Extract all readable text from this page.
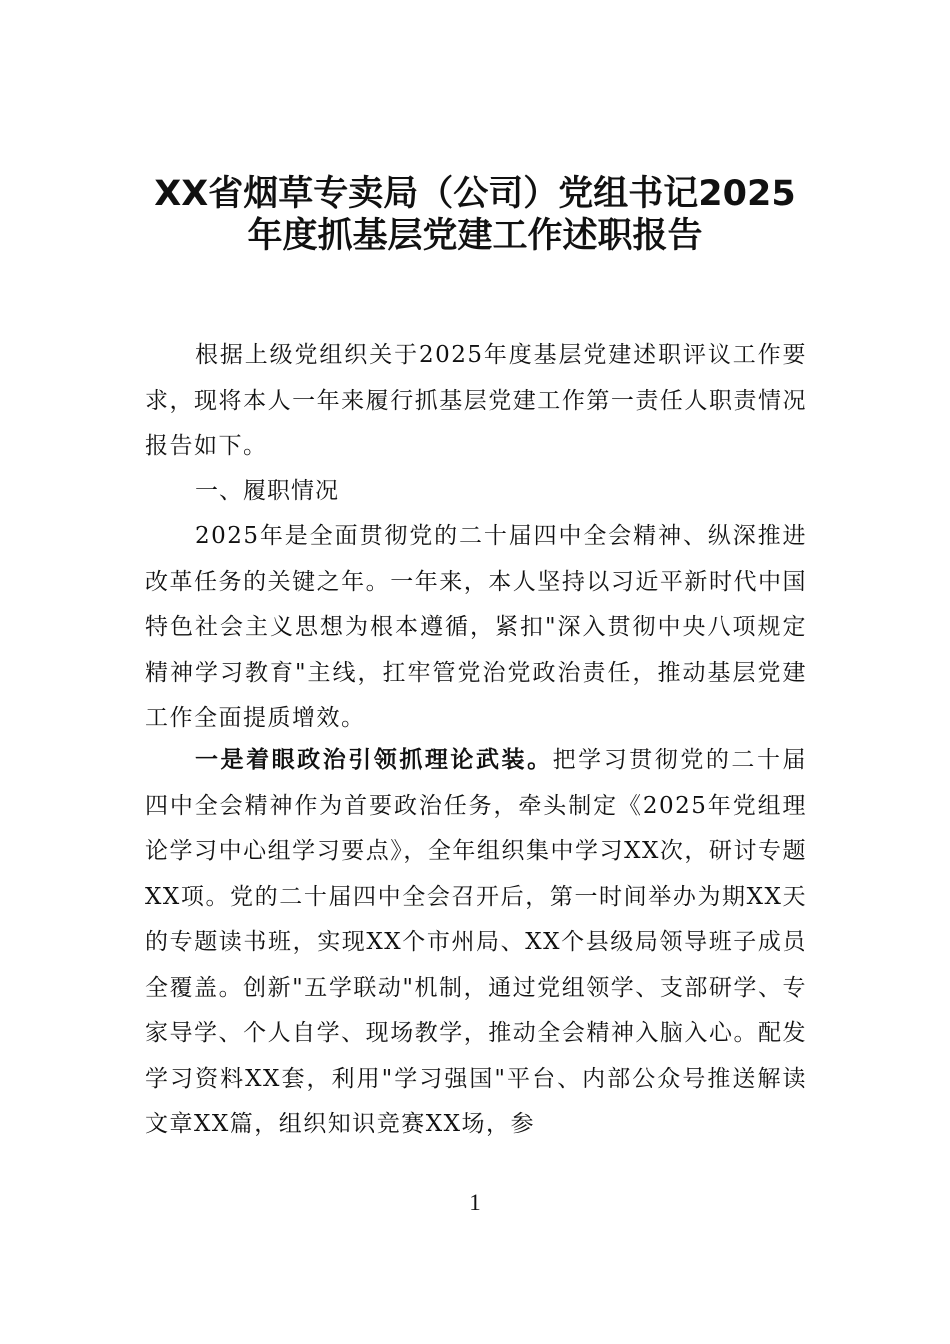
XX省烟草专卖局（公司）党组书记2025
年度抓基层党建工作述职报告

根据上级党组织关于2025年度基层党建述职评议工作要求，现将本人一年来履行抓基层党建工作第一责任人职责情况报告如下。

一、履职情况

2025年是全面贯彻党的二十届四中全会精神、纵深推进改革任务的关键之年。一年来，本人坚持以习近平新时代中国特色社会主义思想为根本遵循，紧扣"深入贯彻中央八项规定精神学习教育"主线，扛牢管党治党政治责任，推动基层党建工作全面提质增效。

一是着眼政治引领抓理论武装。把学习贯彻党的二十届四中全会精神作为首要政治任务，牵头制定《2025年党组理论学习中心组学习要点》，全年组织集中学习XX次，研讨专题XX项。党的二十届四中全会召开后，第一时间举办为期XX天的专题读书班，实现XX个市州局、XX个县级局领导班子成员全覆盖。创新"五学联动"机制，通过党组领学、支部研学、专家导学、个人自学、现场教学，推动全会精神入脑入心。配发学习资料XX套，利用"学习强国"平台、内部公众号推送解读文章XX篇，组织知识竞赛XX场，参

1
